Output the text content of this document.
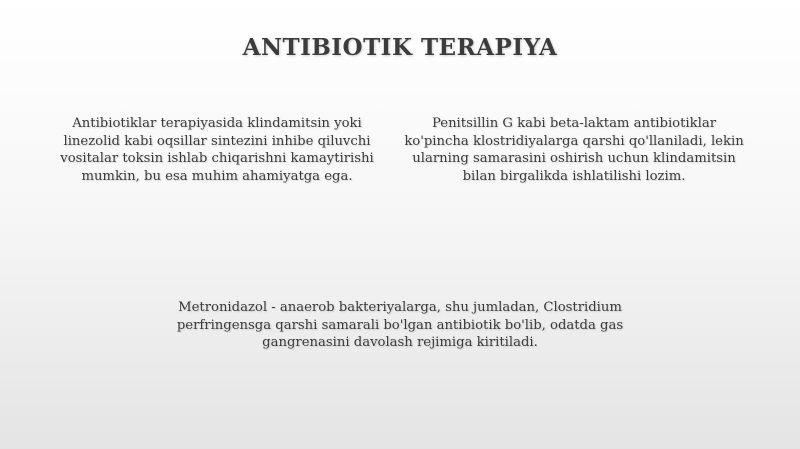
ANTIBIOTIK TERAPIYA
Antibiotiklar terapiyasida klindamitsin yoki linezolid kabi oqsillar sintezini inhibe qiluvchi vositalar toksin ishlab chiqarishni kamaytirishi mumkin, bu esa muhim ahamiyatga ega.
Penitsillin G kabi beta-laktam antibiotiklar ko'pincha klostridiyalarga qarshi qo'llaniladi, lekin ularning samarasini oshirish uchun klindamitsin bilan birgalikda ishlatilishi lozim.
Metronidazol - anaerob bakteriyalarga, shu jumladan, Clostridium perfringensga qarshi samarali bo'lgan antibiotik bo'lib, odatda gas gangrenasini davolash rejimiga kiritiladi.
